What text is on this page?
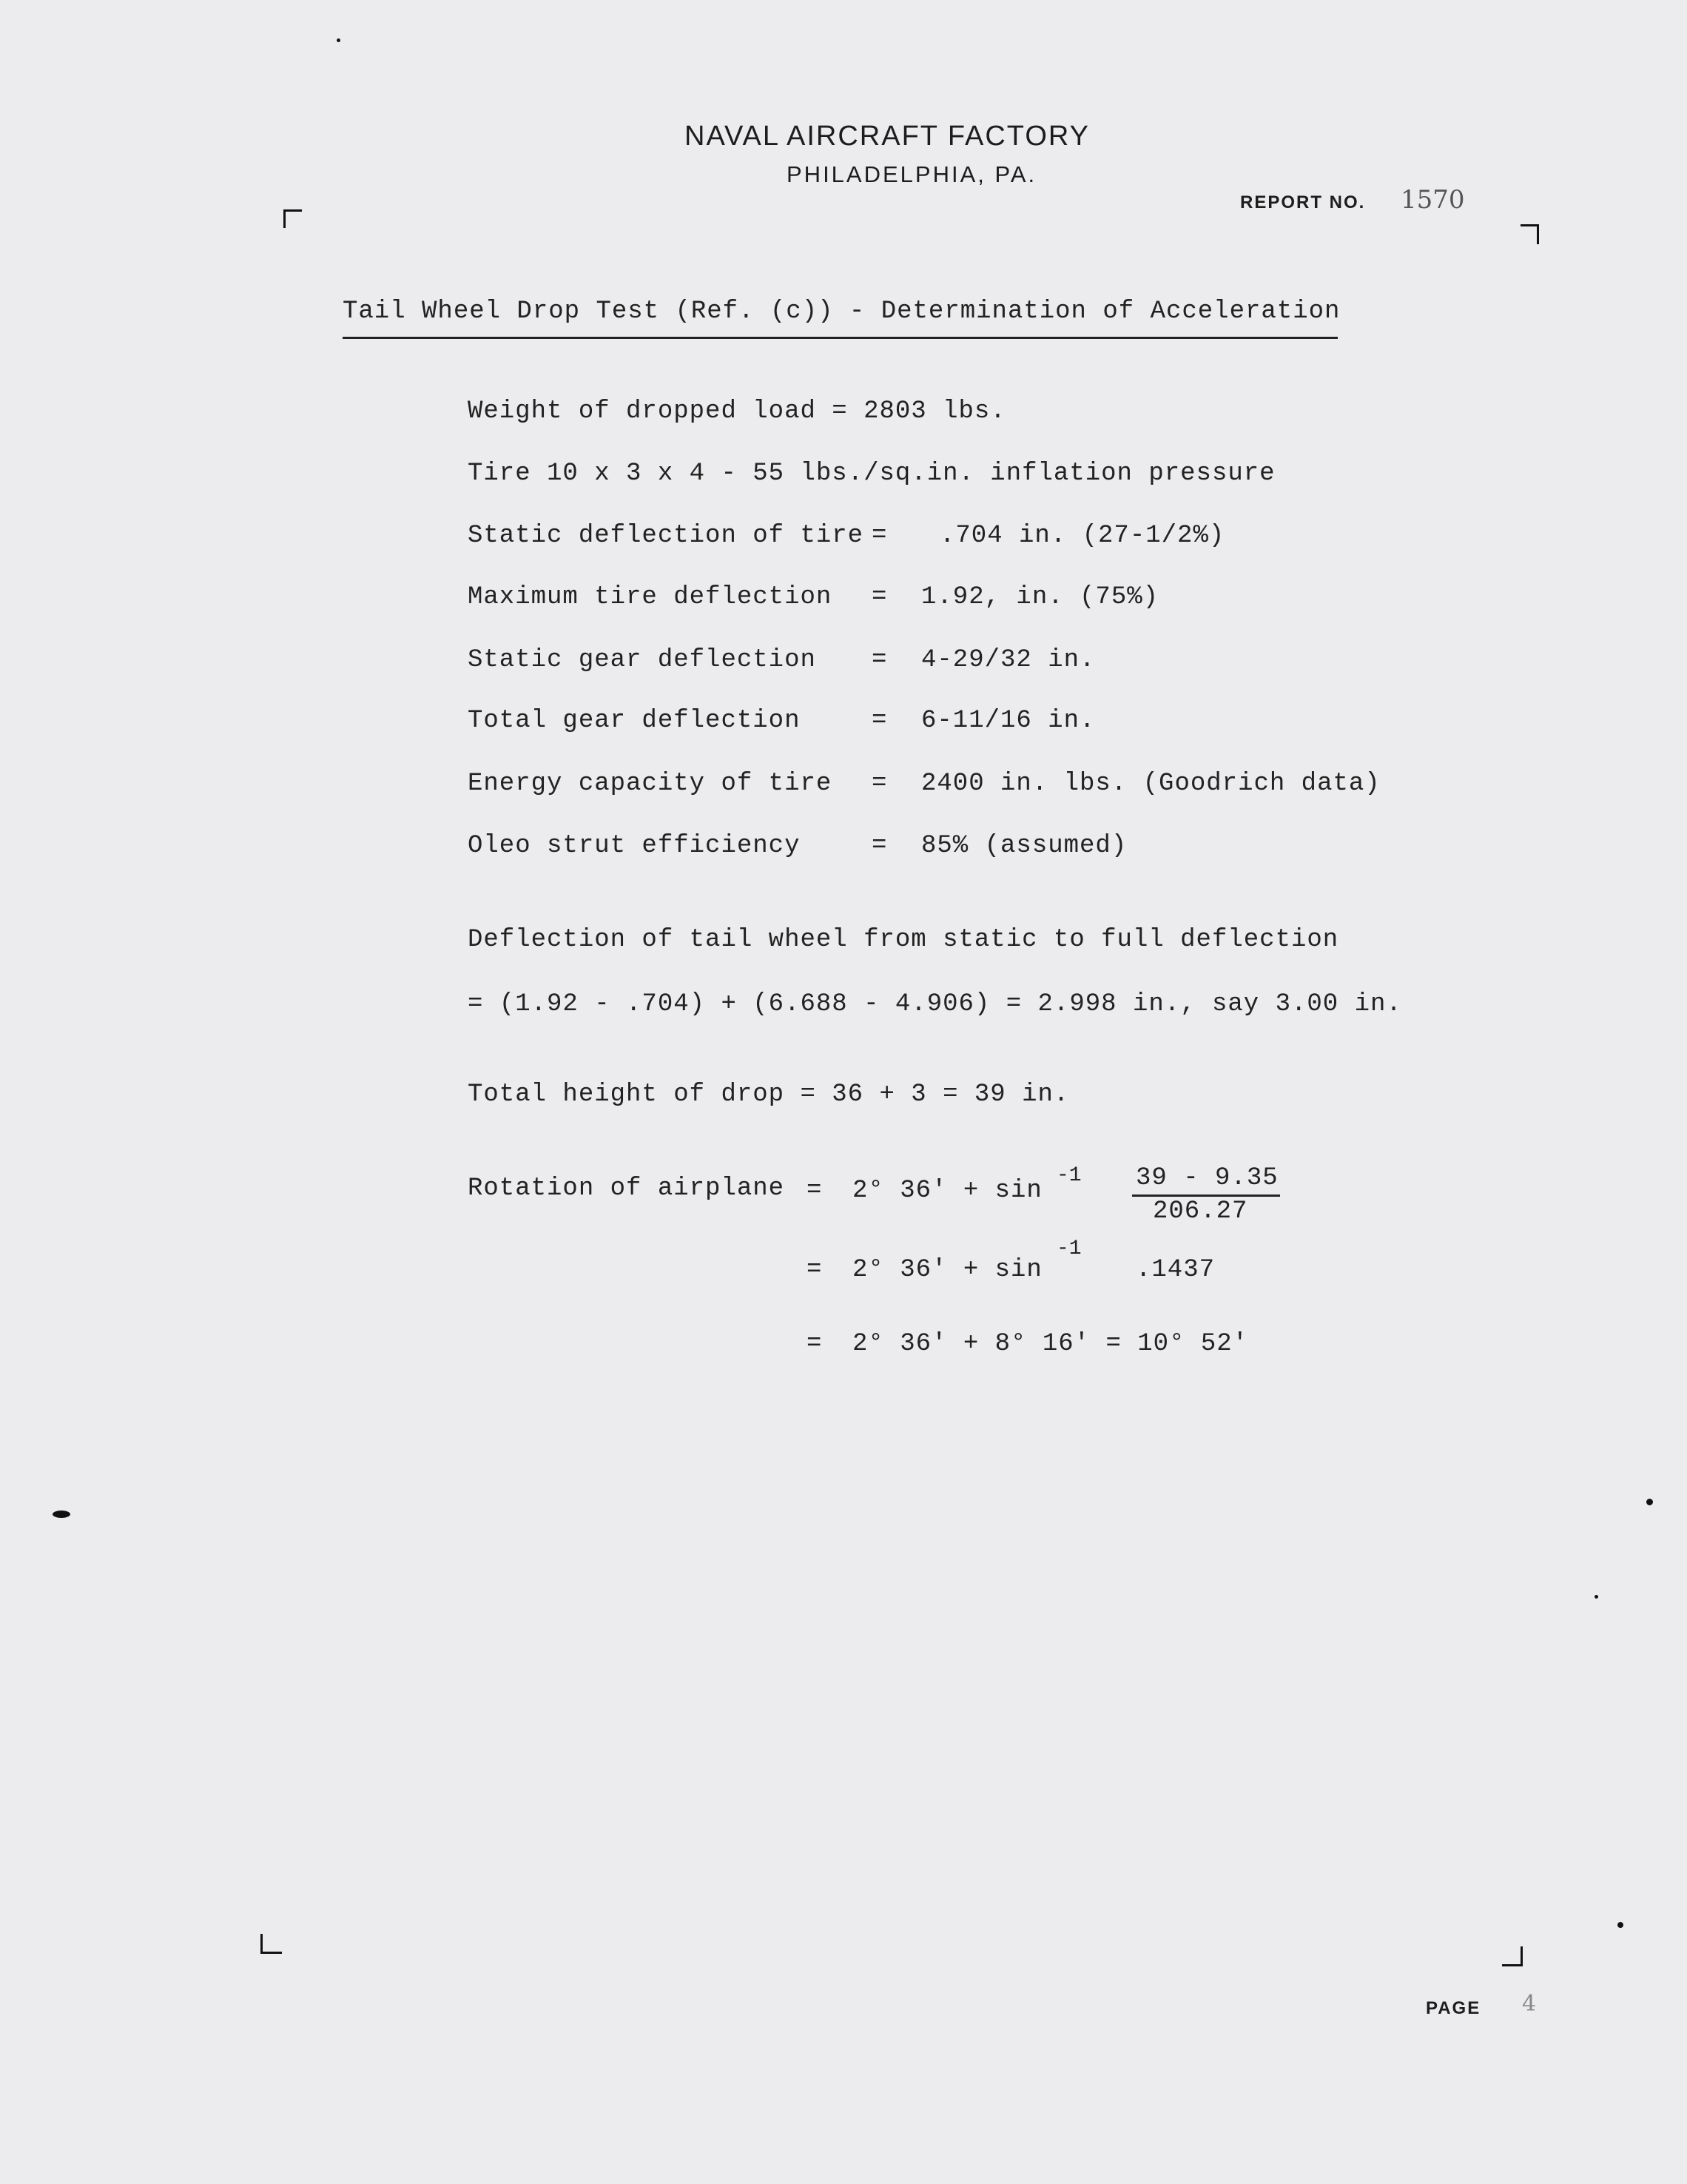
NAVAL AIRCRAFT FACTORY
PHILADELPHIA, PA.
REPORT NO. 1570
Tail Wheel Drop Test (Ref. (c)) - Determination of Acceleration
Weight of dropped load = 2803 lbs.
Tire 10 x 3 x 4 - 55 lbs./sq.in. inflation pressure
Static deflection of tire = .704 in. (27-1/2%)
Maximum tire deflection = 1.92, in. (75%)
Static gear deflection = 4-29/32 in.
Total gear deflection	= 6-11/16 in.
Energy capacity of tire = 2400 in. lbs. (Goodrich data)
Oleo strut efficiency	= 85% (assumed)
Deflection of tail wheel from static to full deflection
= (1.92 - .704) + (6.688 - 4.906) = 2.998 in., say 3.00 in.
Total height of drop = 36 + 3 = 39 in.
Rotation of airplane = 2° 36' + sin
-1 39 - 9.35
206.27
= 2° 36' + sin
-1
.1437
= 2° 36' + 8° 16' = 10° 52'
PAGE 4
